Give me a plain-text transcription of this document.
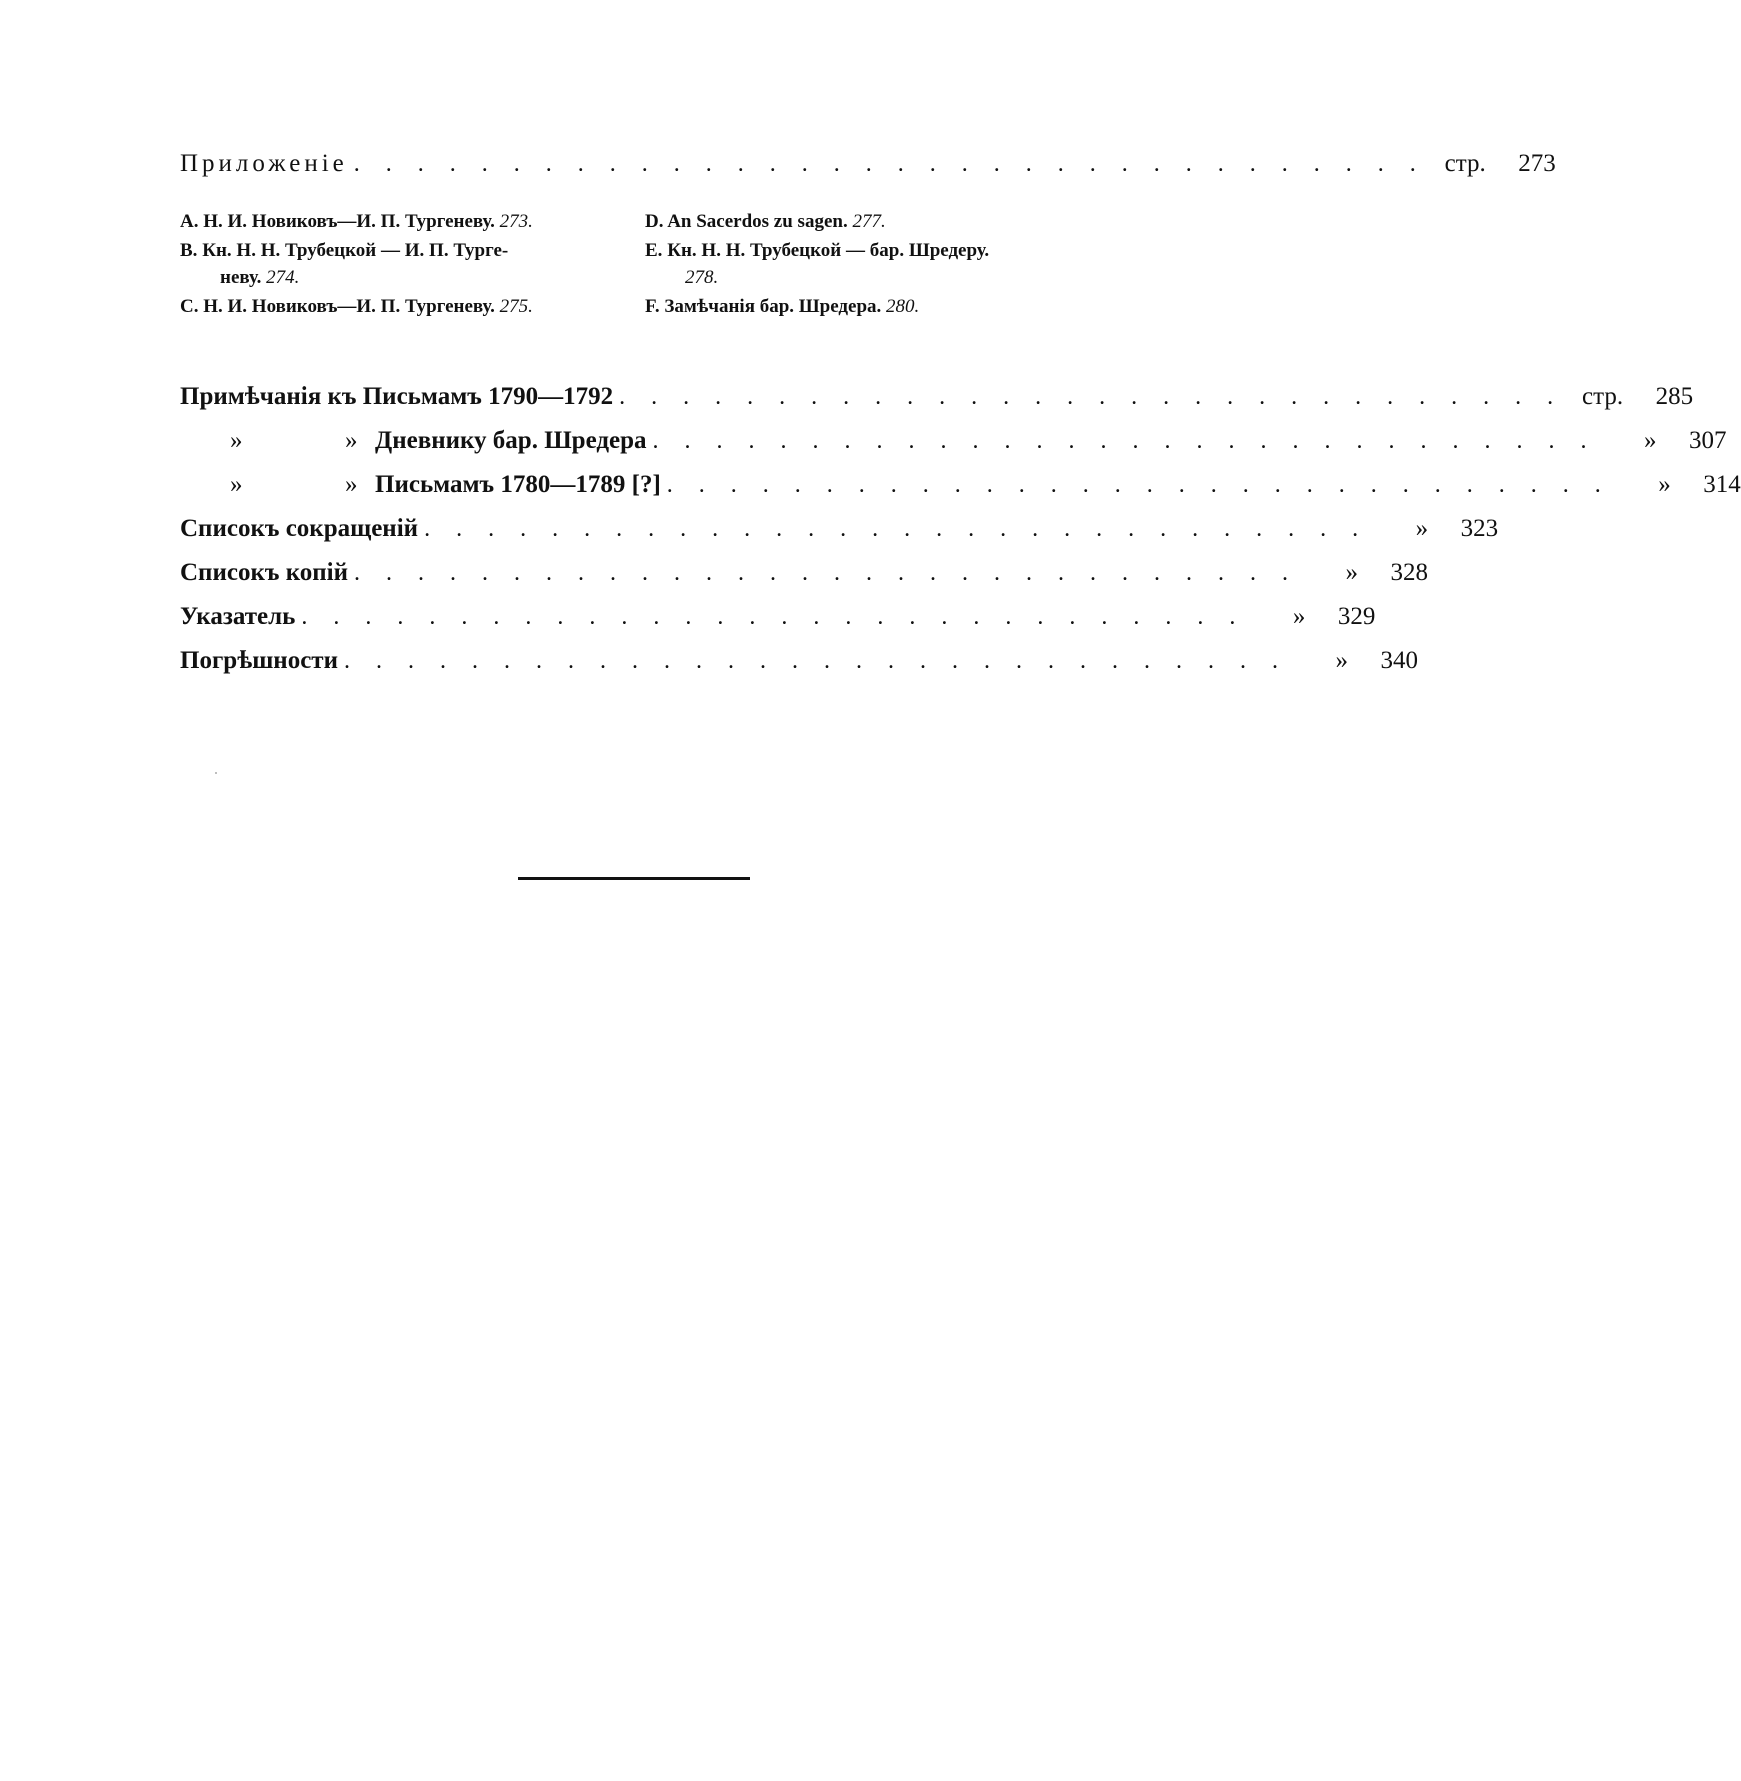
Приложеніе . . . . . . . . . . . . . . . . . . . . . . . . . . . . . . . . . . стр.	273
A. Н. И. Новиковъ—И. П. Тургеневу. 273.
B. Кн. Н. Н. Трубецкой — И. П. Турге-
неву. 274.
C. Н. И. Новиковъ—И. П. Тургеневу. 275.
D. An Sacerdos zu sagen. 277.
E. Кн. Н. Н. Трубецкой — бар. Шредеру.
278.
F. Замѣчанія бар. Шредера. 280.
Примѣчанія къ Письмамъ 1790—1792 . . . . . . . . . . . . . . . . . . . . . . . . . . . . . . стр.	285
»	» Дневнику бар. Шредера . . . . . . . . . . . . . . . . . . . . . . . . . . . . . .	»	307
»	» Письмамъ 1780—1789 [?] . . . . . . . . . . . . . . . . . . . . . . . . . . . . . .	»	314
Списокъ сокращеній . . . . . . . . . . . . . . . . . . . . . . . . . . . . . .	»	323
Списокъ копій . . . . . . . . . . . . . . . . . . . . . . . . . . . . . .	»	328
Указатель . . . . . . . . . . . . . . . . . . . . . . . . . . . . . .	»	329
Погрѣшности . . . . . . . . . . . . . . . . . . . . . . . . . . . . . .	»	340
